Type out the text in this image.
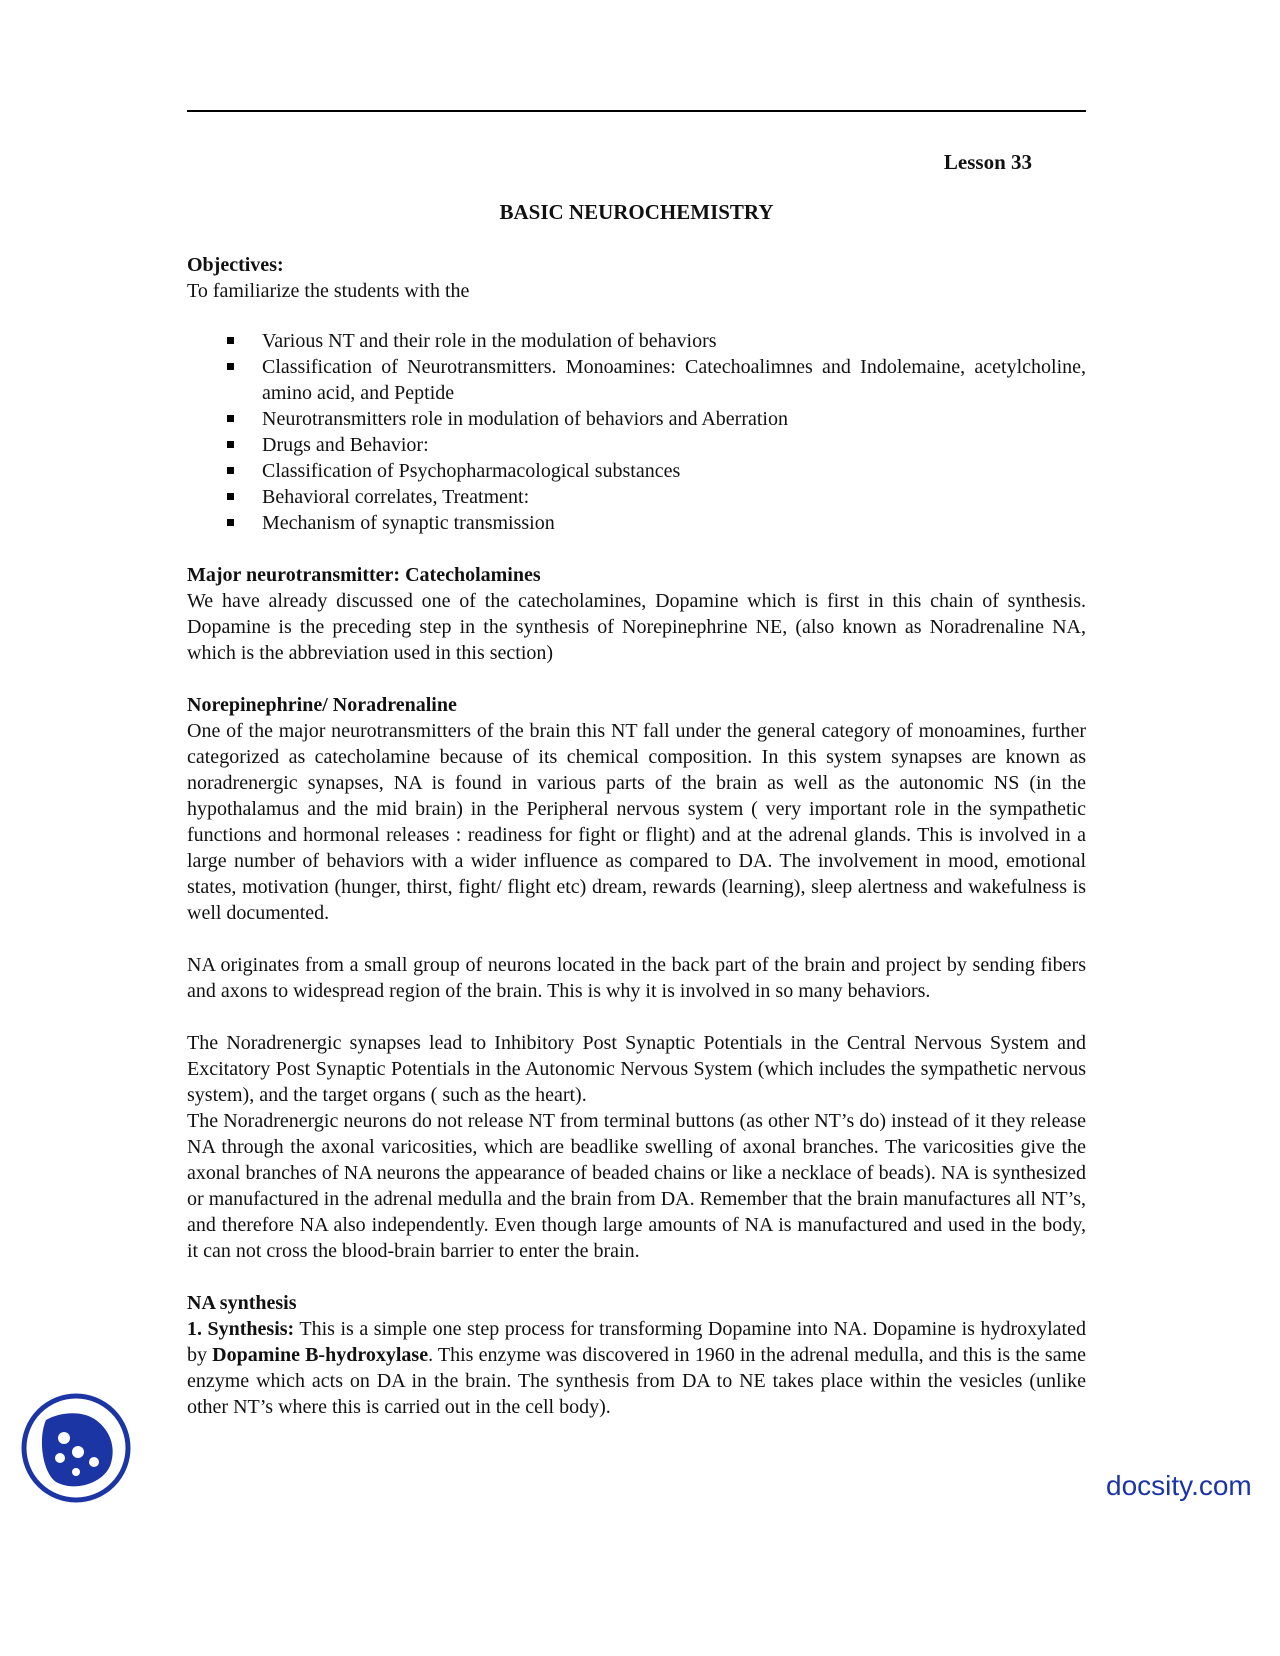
Lesson 33
BASIC NEUROCHEMISTRY
Objectives:

To familiarize the students with the

Various NT and their role in the modulation of behaviors
Classification of Neurotransmitters. Monoamines: Catechoalimnes and Indolemaine, acetylcholine, amino acid, and Peptide
Neurotransmitters role in modulation of behaviors and Aberration
Drugs and Behavior:
Classification of Psychopharmacological substances
Behavioral correlates, Treatment:
Mechanism of synaptic transmission
Major neurotransmitter: Catecholamines

We have already discussed one of the catecholamines, Dopamine which is first in this chain of synthesis. Dopamine is the preceding step in the synthesis of Norepinephrine NE, (also known as Noradrenaline NA, which is the abbreviation used in this section)

Norepinephrine/ Noradrenaline

One of the major neurotransmitters of the brain this NT fall under the general category of monoamines, further categorized as catecholamine because of its chemical composition. In this system synapses are known as noradrenergic synapses, NA is found in various parts of the brain as well as the autonomic NS (in the hypothalamus and the mid brain) in the Peripheral nervous system ( very important role in the sympathetic functions and hormonal releases : readiness for fight or flight) and at the adrenal glands. This is involved in a large number of behaviors with a wider influence as compared to DA. The involvement in mood, emotional states, motivation (hunger, thirst, fight/ flight etc) dream, rewards (learning), sleep alertness and wakefulness is well documented.

NA originates from a small group of neurons located in the back part of the brain and project by sending fibers and axons to widespread region of the brain. This is why it is involved in so many behaviors.

The Noradrenergic synapses lead to Inhibitory Post Synaptic Potentials in the Central Nervous System and Excitatory Post Synaptic Potentials in the Autonomic Nervous System (which includes the sympathetic nervous system), and the target organs ( such as the heart).

The Noradrenergic neurons do not release NT from terminal buttons (as other NT’s do) instead of it they release NA through the axonal varicosities, which are beadlike swelling of axonal branches. The varicosities give the axonal branches of NA neurons the appearance of beaded chains or like a necklace of beads). NA is synthesized or manufactured in the adrenal medulla and the brain from DA. Remember that the brain manufactures all NT’s, and therefore NA also independently. Even though large amounts of NA is manufactured and used in the body, it can not cross the blood-brain barrier to enter the brain.

NA synthesis

1. Synthesis: This is a simple one step process for transforming Dopamine into NA. Dopamine is hydroxylated by Dopamine B-hydroxylase. This enzyme was discovered in 1960 in the adrenal medulla, and this is the same enzyme which acts on DA in the brain. The synthesis from DA to NE takes place within the vesicles (unlike other NT’s where this is carried out in the cell body).

docsity.com
